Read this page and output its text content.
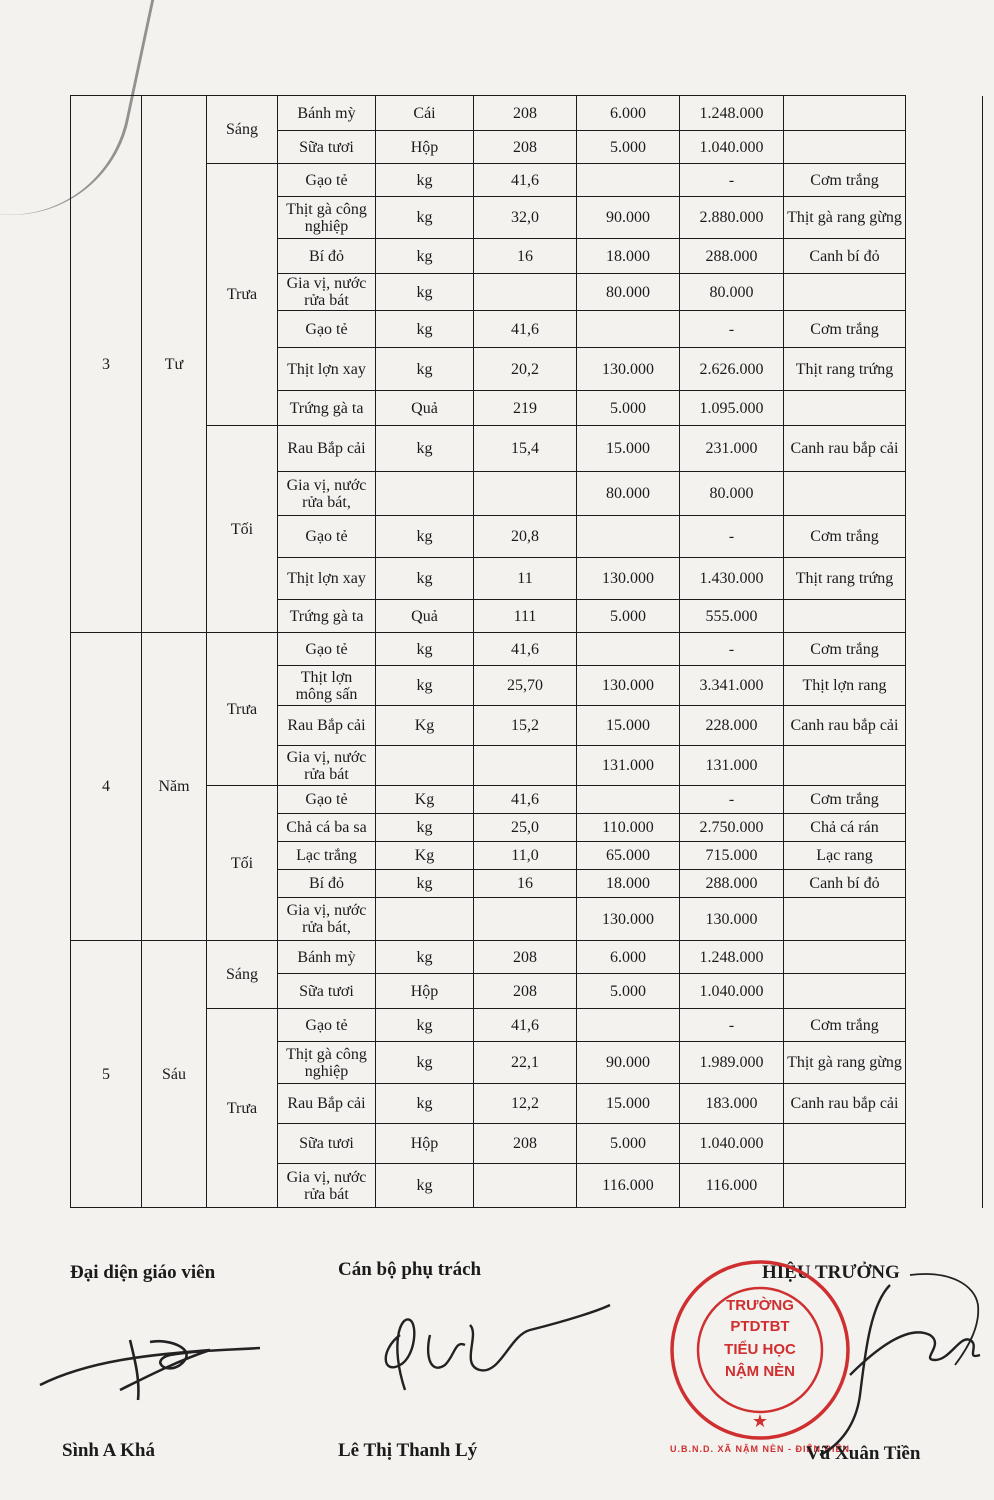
3	Tư	Sáng	Bánh mỳ	Cái	208	6.000	1.248.000		
			Sữa tươi	Hộp	208	5.000	1.040.000		
		Trưa	Gạo tẻ	kg	41,6		-	Cơm trắng	
			Thịt gà công nghiệp	kg	32,0	90.000	2.880.000	Thịt gà rang gừng	
			Bí đỏ	kg	16	18.000	288.000	Canh bí đỏ	
			Gia vị, nước rửa bát	kg		80.000	80.000		
			Gạo tẻ	kg	41,6		-	Cơm trắng	
			Thịt lợn xay	kg	20,2	130.000	2.626.000	Thịt rang trứng	
			Trứng gà ta	Quả	219	5.000	1.095.000		
		Tối	Rau Bắp cải	kg	15,4	15.000	231.000	Canh rau bắp cải	
			Gia vị, nước rửa bát,			80.000	80.000		
			Gạo tẻ	kg	20,8		-	Cơm trắng	
			Thịt lợn xay	kg	11	130.000	1.430.000	Thịt rang trứng	
			Trứng gà ta	Quả	111	5.000	555.000		
4	Năm	Trưa	Gạo tẻ	kg	41,6		-	Cơm trắng	
			Thịt lợn mông sấn	kg	25,70	130.000	3.341.000	Thịt lợn rang	
			Rau Bắp cải	Kg	15,2	15.000	228.000	Canh rau bắp cải	
			Gia vị, nước rửa bát			131.000	131.000		
		Tối	Gạo tẻ	Kg	41,6		-	Cơm trắng	
			Chả cá ba sa	kg	25,0	110.000	2.750.000	Chả cá rán	
			Lạc trắng	Kg	11,0	65.000	715.000	Lạc rang	
			Bí đỏ	kg	16	18.000	288.000	Canh bí đỏ	
			Gia vị, nước rửa bát,			130.000	130.000		
5	Sáu	Sáng	Bánh mỳ	kg	208	6.000	1.248.000		
			Sữa tươi	Hộp	208	5.000	1.040.000		
		Trưa	Gạo tẻ	kg	41,6		-	Cơm trắng	
			Thịt gà công nghiệp	kg	22,1	90.000	1.989.000	Thịt gà rang gừng	
			Rau Bắp cải	kg	12,2	15.000	183.000	Canh rau bắp cải	
			Sữa tươi	Hộp	208	5.000	1.040.000		
			Gia vị, nước rửa bát	kg		116.000	116.000		
Đại diện giáo viên	Cán bộ phụ trách	HIỆU TRƯỞNG
★
TRƯỜNG
PTDTBT
TIỂU HỌC
NẬM NÈN
U.B.N.D. XÃ NẬM NÈN - ĐIỆN BIÊN
Sình A Khá	Lê Thị Thanh Lý	Vũ Xuân Tiền
